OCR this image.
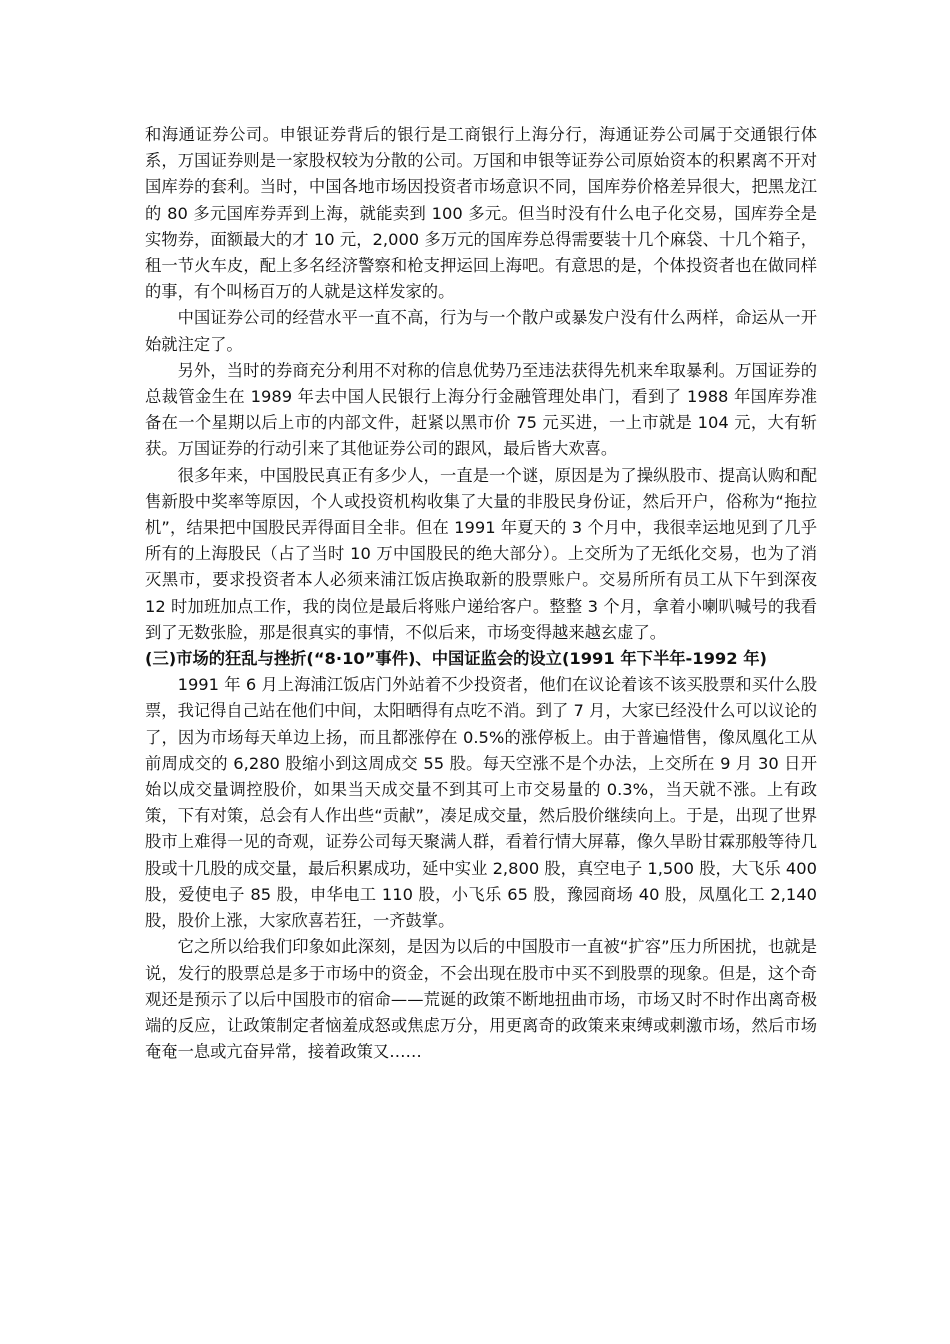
和海通证券公司。申银证券背后的银行是工商银行上海分行，海通证券公司属于交通银行体系，万国证券则是一家股权较为分散的公司。万国和申银等证券公司原始资本的积累离不开对国库券的套利。当时，中国各地市场因投资者市场意识不同，国库券价格差异很大，把黑龙江的 80 多元国库券弄到上海，就能卖到 100 多元。但当时没有什么电子化交易，国库券全是实物券，面额最大的才 10 元，2,000 多万元的国库券总得需要装十几个麻袋、十几个箱子，租一节火车皮，配上多名经济警察和枪支押运回上海吧。有意思的是，个体投资者也在做同样的事，有个叫杨百万的人就是这样发家的。

中国证券公司的经营水平一直不高，行为与一个散户或暴发户没有什么两样，命运从一开始就注定了。

另外，当时的券商充分利用不对称的信息优势乃至违法获得先机来牟取暴利。万国证券的总裁管金生在 1989 年去中国人民银行上海分行金融管理处串门，看到了 1988 年国库券准备在一个星期以后上市的内部文件，赶紧以黑市价 75 元买进，一上市就是 104 元，大有斩获。万国证券的行动引来了其他证券公司的跟风，最后皆大欢喜。

很多年来，中国股民真正有多少人，一直是一个谜，原因是为了操纵股市、提高认购和配售新股中奖率等原因，个人或投资机构收集了大量的非股民身份证，然后开户，俗称为“拖拉机”，结果把中国股民弄得面目全非。但在 1991 年夏天的 3 个月中，我很幸运地见到了几乎所有的上海股民（占了当时 10 万中国股民的绝大部分）。上交所为了无纸化交易，也为了消灭黑市，要求投资者本人必须来浦江饭店换取新的股票账户。交易所所有员工从下午到深夜 12 时加班加点工作，我的岗位是最后将账户递给客户。整整 3 个月，拿着小喇叭喊号的我看到了无数张脸，那是很真实的事情，不似后来，市场变得越来越玄虚了。

(三)市场的狂乱与挫折(“8·10”事件)、中国证监会的设立(1991 年下半年-1992 年)

1991 年 6 月上海浦江饭店门外站着不少投资者，他们在议论着该不该买股票和买什么股票，我记得自己站在他们中间，太阳晒得有点吃不消。到了 7 月，大家已经没什么可以议论的了，因为市场每天单边上扬，而且都涨停在 0.5%的涨停板上。由于普遍惜售，像凤凰化工从前周成交的 6,280 股缩小到这周成交 55 股。每天空涨不是个办法，上交所在 9 月 30 日开始以成交量调控股价，如果当天成交量不到其可上市交易量的 0.3%，当天就不涨。上有政策，下有对策，总会有人作出些“贡献”，凑足成交量，然后股价继续向上。于是，出现了世界股市上难得一见的奇观，证券公司每天聚满人群，看着行情大屏幕，像久旱盼甘霖那般等待几股或十几股的成交量，最后积累成功，延中实业 2,800 股，真空电子 1,500 股，大飞乐 400 股，爱使电子 85 股，申华电工 110 股，小飞乐 65 股，豫园商场 40 股，凤凰化工 2,140 股，股价上涨，大家欣喜若狂，一齐鼓掌。

它之所以给我们印象如此深刻，是因为以后的中国股市一直被“扩容”压力所困扰，也就是说，发行的股票总是多于市场中的资金，不会出现在股市中买不到股票的现象。但是，这个奇观还是预示了以后中国股市的宿命——荒诞的政策不断地扭曲市场，市场又时不时作出离奇极端的反应，让政策制定者恼羞成怒或焦虑万分，用更离奇的政策来束缚或刺激市场，然后市场奄奄一息或亢奋异常，接着政策又……
